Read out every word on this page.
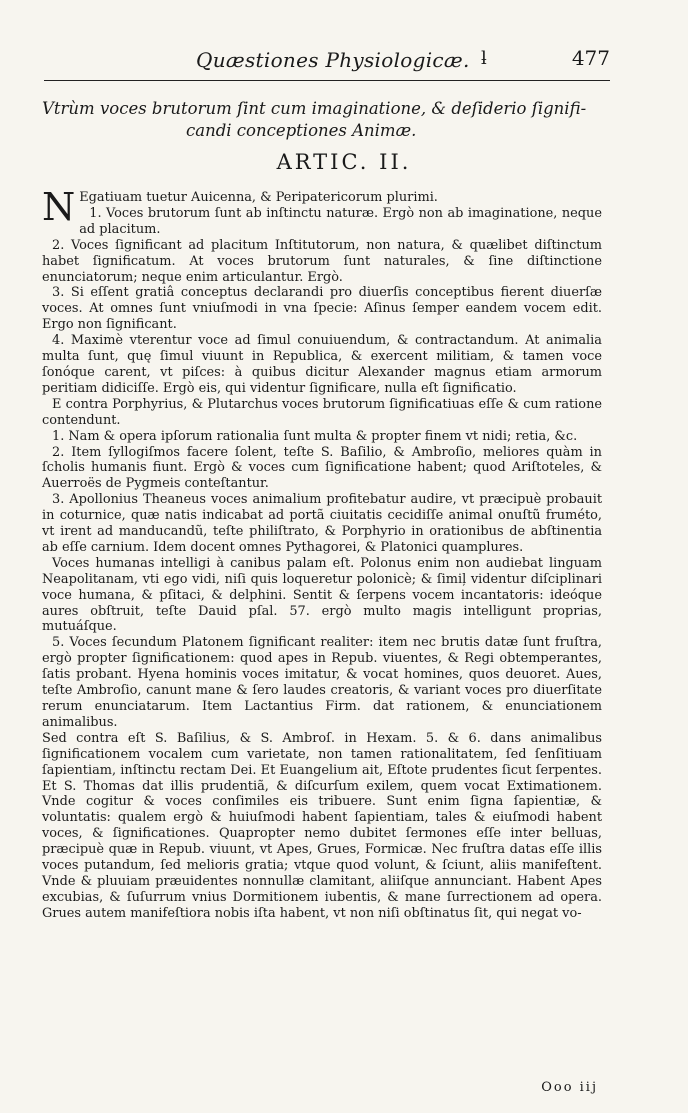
Quæstiones Physiologicæ. ƚ	477
Vtrùm voces brutorum ſint cum imaginatione, & deſiderio ſignifi-
candi conceptiones Animæ.
ARTIC. II.

N Egatiuam tuetur Auicenna, & Peripatericorum plurimi.

1. Voces brutorum ſunt ab inſtinctu naturæ. Ergò non ab imaginatione, neque ad placitum.

2. Voces ſignificant ad placitum Inſtitutorum, non natura, & quælibet diſtinctum habet ſignificatum. At voces brutorum ſunt naturales, & ſine diſtinctione enunciatorum; neque enim articulantur. Ergò.

3. Si eſſent gratiâ conceptus declarandi pro diuerſis conceptibus fierent diuerſæ voces. At omnes ſunt vniuſmodi in vna ſpecie: Aſinus ſemper eandem vocem edit. Ergo non ſignificant.

4. Maximè vterentur voce ad ſimul conuiuendum, & contractandum. At animalia multa ſunt, quę ſimul viuunt in Republica, & exercent militiam, & tamen voce ſonóque carent, vt piſces: à quibus dicitur Alexander magnus etiam armorum peritiam didiciſſe. Ergò eis, qui videntur ſignificare, nulla eſt ſignificatio.

E contra Porphyrius, & Plutarchus voces brutorum ſignificatiuas eſſe & cum ratione contendunt.

1. Nam & opera ipſorum rationalia ſunt multa & propter finem vt nidi; retia, &c.

2. Item ſyllogiſmos facere ſolent, teſte S. Baſilio, & Ambroſio, meliores quàm in ſcholis humanis fiunt. Ergò & voces cum ſignificatione habent; quod Ariſtoteles, & Auerroës de Pygmeis conteſtantur.

3. Apollonius Theaneus voces animalium profitebatur audire, vt præcipuè probauit in coturnice, quæ natis indicabat ad portã ciuitatis cecidiſſe animal onuſtũ fruméto, vt irent ad manducandũ, teſte philiſtrato, & Porphyrio in orationibus de abſtinentia ab eſſe carnium. Idem docent omnes Pythagorei, & Platonici quamplures.

Voces humanas intelligi à canibus palam eſt. Polonus enim non audiebat linguam Neapolitanam, vti ego vidi, niſi quis loqueretur polonicè; & ſimiļ videntur diſciplinari voce humana, & pſitaci, & delphini. Sentit & ſerpens vocem incantatoris: ideóque aures obſtruit, teſte Dauid pſal. 57. ergò multo magis intelligunt proprias, mutuáſque.

5. Voces ſecundum Platonem ſignificant realiter: item nec brutis datæ ſunt fruſtra, ergò propter ſignificationem: quod apes in Repub. viuentes, & Regi obtemperantes, ſatis probant. Hyena hominis voces imitatur, & vocat homines, quos deuoret. Aues, teſte Ambroſio, canunt mane & ſero laudes creatoris, & variant voces pro diuerſitate rerum enunciatarum. Item Lactantius Firm. dat rationem, & enunciationem animalibus.

Sed contra eſt S. Baſilius, & S. Ambroſ. in Hexam. 5. & 6. dans animalibus ſignificationem vocalem cum varietate, non tamen rationalitatem, ſed ſenſitiuam ſapientiam, inſtinctu rectam Dei. Et Euangelium ait, Eſtote prudentes ſicut ſerpentes. Et S. Thomas dat illis prudentiã, & diſcurſum exilem, quem vocat Extimationem. Vnde cogitur & voces conſimiles eis tribuere. Sunt enim ſigna ſapientiæ, & voluntatis: qualem ergò & huiuſmodi habent ſapientiam, tales & eiuſmodi habent voces, & ſignificationes. Quapropter nemo dubitet ſermones eſſe inter belluas, præcipuè quæ in Repub. viuunt, vt Apes, Grues, Formicæ. Nec fruſtra datas eſſe illis voces putandum, ſed melioris gratia; vtque quod volunt, & ſciunt, aliis manifeſtent. Vnde & pluuiam præuidentes nonnullæ clamitant, aliiſque annunciant. Habent Apes excubias, & ſuſurrum vnius Dormitionem iubentis, & mane ſurrectionem ad opera. Grues autem manifeſtiora nobis iſta habent, vt non niſi obſtinatus ſit, qui negat vo-

Ooo iij
